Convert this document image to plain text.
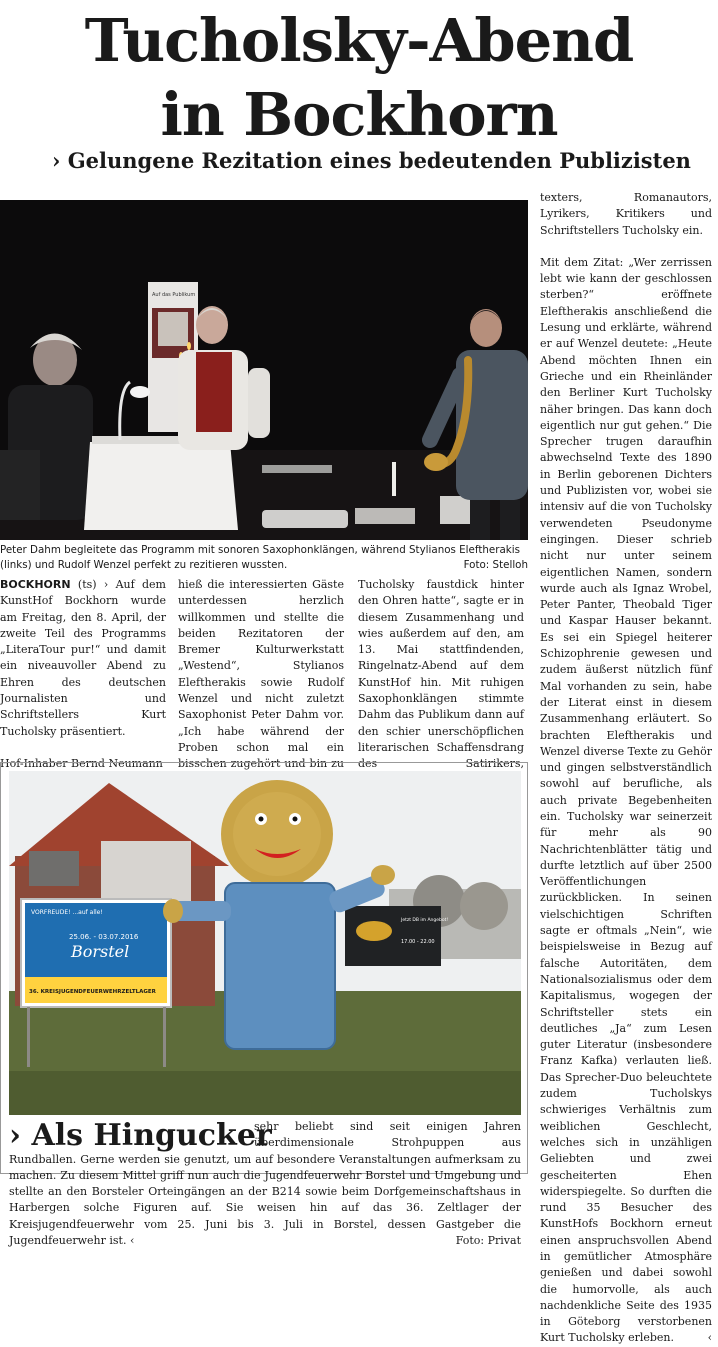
Tucholsky-Abend
in Bockhorn
› Gelungene Rezitation eines bedeutenden Publizisten
Auf das Publikum
Peter Dahm begleitete das Programm mit sonoren Saxophonklängen, während Stylianos Eleftherakis (links) und Rudolf Wenzel perfekt zu rezitieren wussten.	Foto: Stelloh

BOCKHORN (ts) › Auf dem KunstHof Bockhorn wurde am Freitag, den 8. April, der zweite Teil des Programms „LiteraTour pur!“ und damit ein niveauvoller Abend zu Ehren des deutschen Journalisten und Schriftstellers Kurt Tucholsky präsentiert.

Hof-Inhaber Bernd Neumann

hieß die interessierten Gäste unterdessen herzlich willkommen und stellte die beiden Rezitatoren der Bremer Kulturwerkstatt „Westend“, Stylianos Eleftherakis sowie Rudolf Wenzel und nicht zuletzt Saxophonist Peter Dahm vor. „Ich habe während der Proben schon mal ein bisschen zugehört und bin zu
Tucholsky faustdick hinter den Ohren hatte“, sagte er in diesem Zusammenhang und wies außerdem auf den, am 13. Mai stattfindenden, Ringelnatz-Abend auf dem KunstHof hin. Mit ruhigen Saxophonklängen stimmte Dahm das Publikum dann auf den schier unerschöpflichen literarischen Schaffensdrang des Satirikers,

texters, Romanautors, Lyrikers, Kritikers und Schriftstellers Tucholsky ein.

Mit dem Zitat: „Wer zerrissen lebt wie kann der geschlossen sterben?“ eröffnete Eleftherakis anschließend die Lesung und erklärte, während er auf Wenzel deutete: „Heute Abend möchten Ihnen ein Grieche und ein Rheinländer den Berliner Kurt Tucholsky näher bringen. Das kann doch eigentlich nur gut gehen.“ Die Sprecher trugen daraufhin abwechselnd Texte des 1890 in Berlin geborenen Dichters und Publizisten vor, wobei sie intensiv auf die von Tucholsky verwendeten Pseudonyme eingingen. Dieser schrieb nicht nur unter seinem eigentlichen Namen, sondern wurde auch als Ignaz Wrobel, Peter Panter, Theobald Tiger und Kaspar Hauser bekannt. Es sei ein Spiegel heiterer Schizophrenie gewesen und zudem äußerst nützlich fünf Mal vorhanden zu sein, habe der Literat einst in diesem Zusammenhang erläutert. So brachten Eleftherakis und Wenzel diverse Texte zu Gehör und gingen selbstverständlich sowohl auf berufliche, als auch private Begebenheiten ein. Tucholsky war seinerzeit für mehr als 90 Nachrichtenblätter tätig und durfte letztlich auf über 2500 Veröffentlichungen zurückblicken. In seinen vielschichtigen Schriften sagte er oftmals „Nein“, wie beispielsweise in Bezug auf falsche Autoritäten, dem Nationalsozialismus oder dem Kapitalismus, wogegen der Schriftsteller stets ein deutliches „Ja“ zum Lesen guter Literatur (insbesondere Franz Kafka) verlauten ließ. Das Sprecher-Duo beleuchtete zudem Tucholskys schwieriges Verhältnis zum weiblichen Geschlecht, welches sich in unzähligen Geliebten und zwei gescheiterten Ehen widerspiegelte. So durften die rund 35 Besucher des KunstHofs Bockhorn erneut einen anspruchsvollen Abend in gemütlicher Atmosphäre genießen und dabei sowohl die humorvolle, als auch nachdenkliche Seite des 1935 in Göteborg verstorbenen Kurt Tucholsky erleben.	‹

VORFREUDE! ...auf alle!
25.06. - 03.07.2016
Borstel
36. KREISJUGENDFEUERWEHRZELTLAGER
Jetzt DB im Angebot!
17.00 - 22.00
› Als Hingucker
sehr beliebt sind seit einigen Jahren überdimensionale Strohpuppen aus Rundballen. Gerne werden sie genutzt, um auf besondere Veranstaltungen aufmerksam zu machen. Zu diesem Mittel griff nun auch die Jugendfeuerwehr Borstel und Umgebung und stellte an den Borsteler Orteingängen an der B214 sowie beim Dorfgemeinschaftshaus in Harbergen solche Figuren auf. Sie weisen hin auf das 36. Zeltlager der Kreisjugendfeuerwehr vom 25. Juni bis 3. Juli in Borstel, dessen Gastgeber die Jugendfeuerwehr ist. ‹	Foto: Privat
